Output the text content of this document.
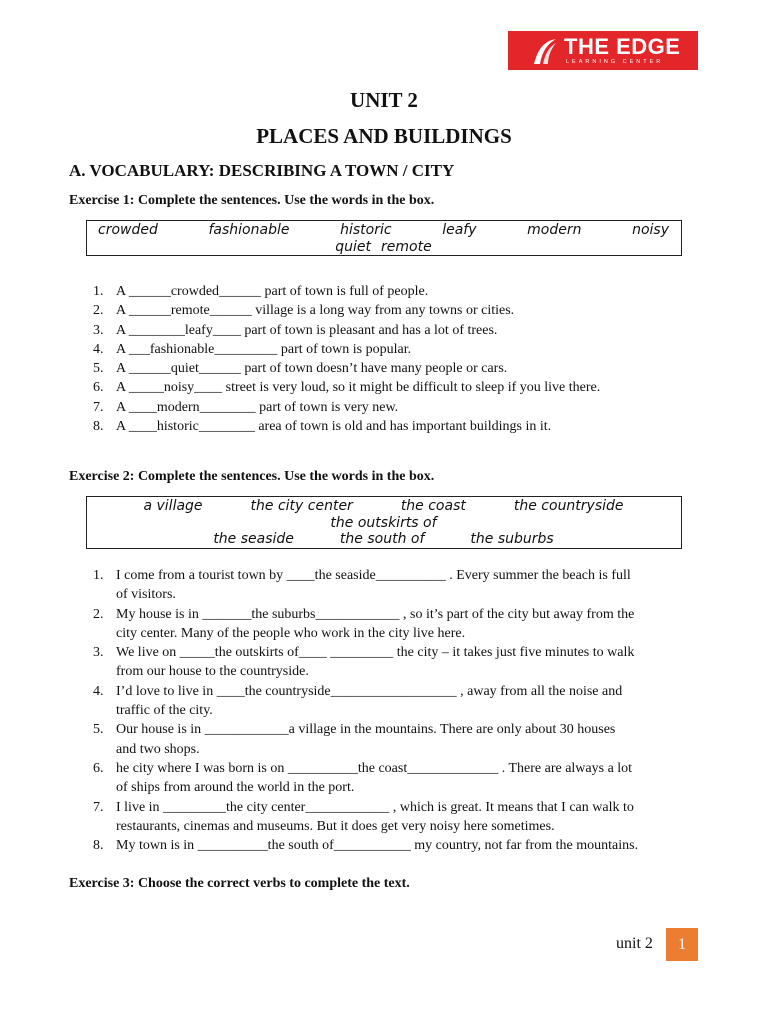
THE EDGE
LEARNING CENTER
UNIT 2
PLACES AND BUILDINGS
A. VOCABULARY: DESCRIBING A TOWN / CITY
Exercise 1: Complete the sentences. Use the words in the box.
crowded	fashionable	historic	leafy	modern	noisy
quiet remote
1. A ______crowded______ part of town is full of people.
2. A ______remote______ village is a long way from any towns or cities.
3. A ________leafy____ part of town is pleasant and has a lot of trees.
4. A ___fashionable_________ part of town is popular.
5. A ______quiet______ part of town doesn’t have many people or cars.
6. A _____noisy____ street is very loud, so it might be difficult to sleep if you live there.
7. A ____modern________ part of town is very new.
8. A ____historic________ area of town is old and has important buildings in it.
Exercise 2: Complete the sentences. Use the words in the box.
a village	the city center	the coast	the countryside
the outskirts of
the seaside	the south of	the suburbs
1. I come from a tourist town by ____the seaside__________ . Every summer the beach is full
of visitors.
2. My house is in _______the suburbs____________ , so it’s part of the city but away from the
city center. Many of the people who work in the city live here.
3. We live on _____the outskirts of____ _________ the city – it takes just five minutes to walk
from our house to the countryside.
4. I’d love to live in ____the countryside__________________ , away from all the noise and
traffic of the city.
5. Our house is in ____________a village in the mountains. There are only about 30 houses
and two shops.
6. he city where I was born is on __________the coast_____________ . There are always a lot
of ships from around the world in the port.
7. I live in _________the city center____________ , which is great. It means that I can walk to
restaurants, cinemas and museums. But it does get very noisy here sometimes.
8. My town is in __________the south of___________ my country, not far from the mountains.
Exercise 3: Choose the correct verbs to complete the text.
unit 2	1
